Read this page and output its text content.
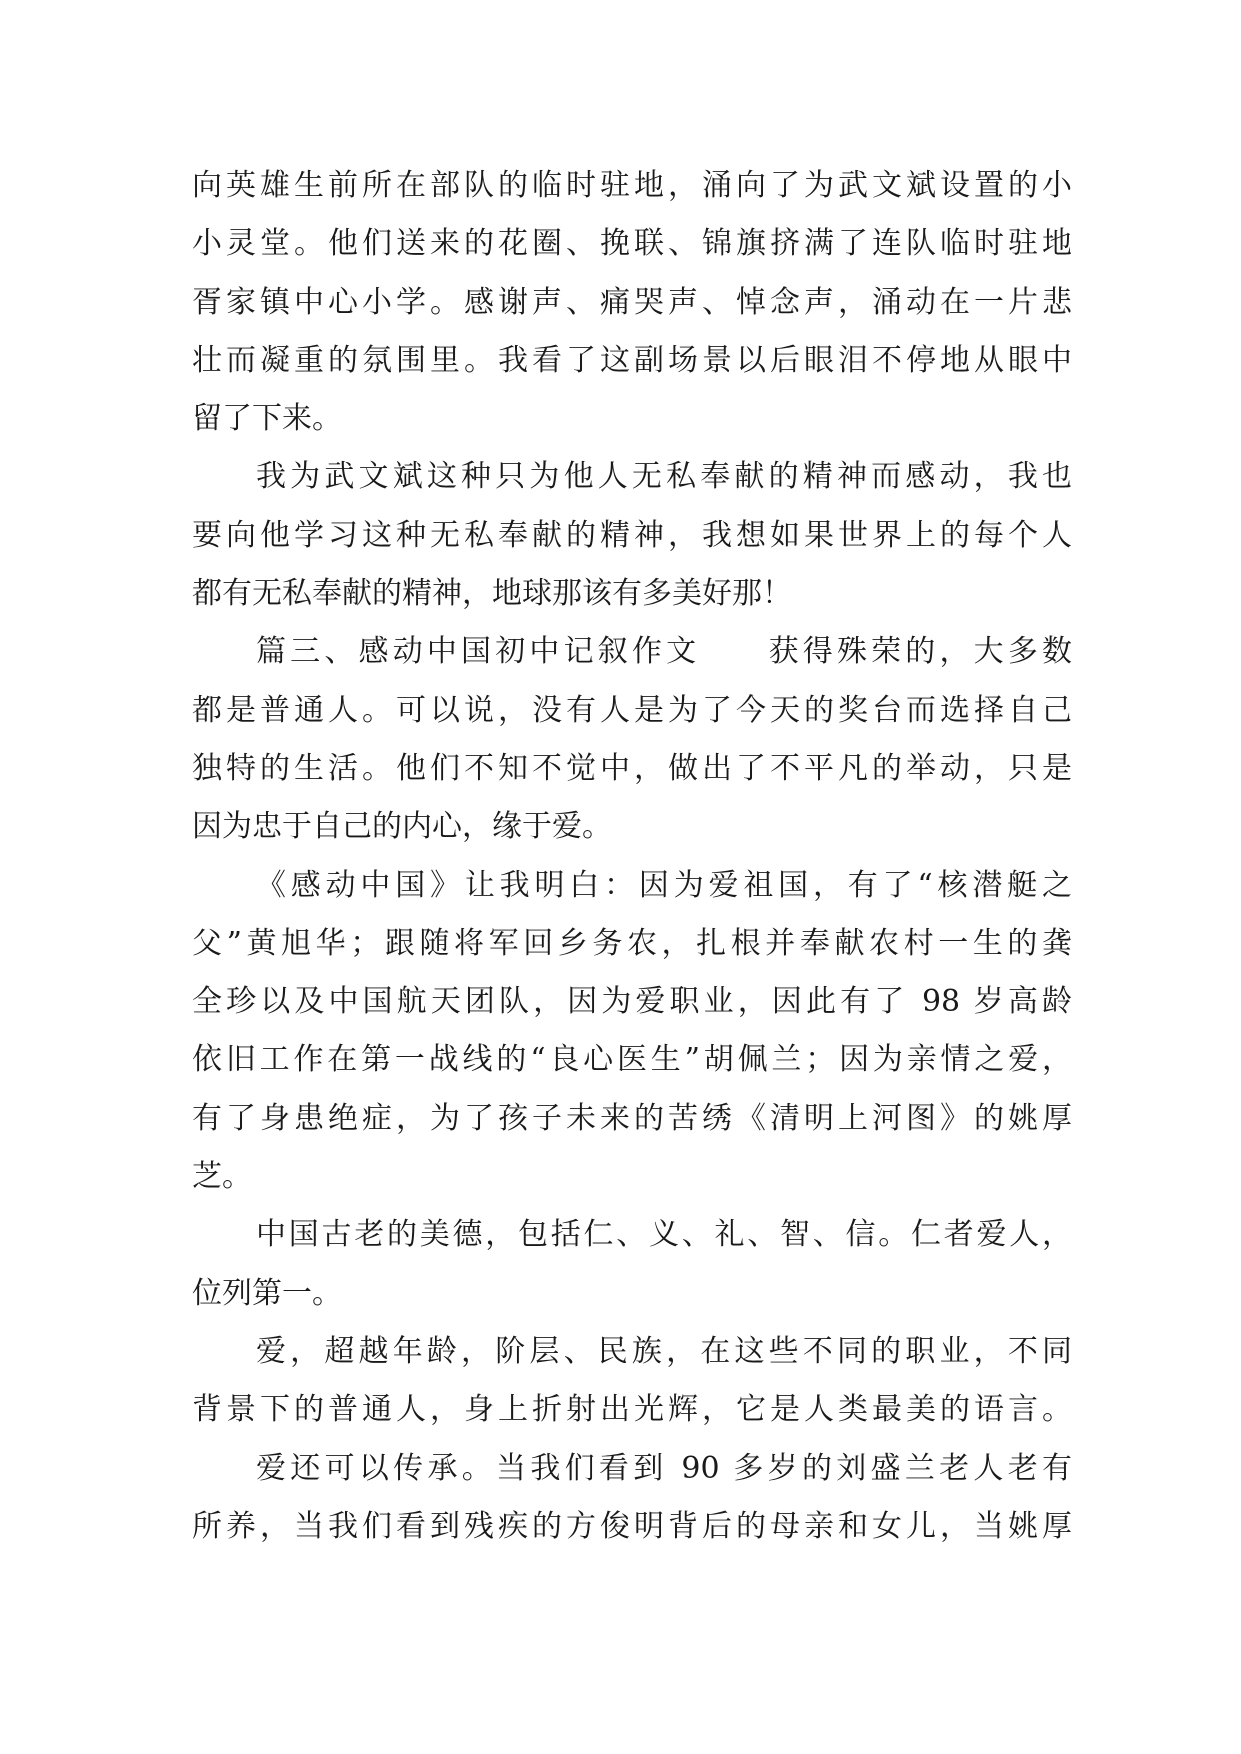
向英雄生前所在部队的临时驻地，涌向了为武文斌设置的小
小灵堂。他们送来的花圈、挽联、锦旗挤满了连队临时驻地
胥家镇中心小学。感谢声、痛哭声、悼念声，涌动在一片悲
壮而凝重的氛围里。我看了这副场景以后眼泪不停地从眼中
留了下来。
我为武文斌这种只为他人无私奉献的精神而感动，我也
要向他学习这种无私奉献的精神，我想如果世界上的每个人
都有无私奉献的精神，地球那该有多美好那！
篇三、感动中国初中记叙作文　　获得殊荣的，大多数
都是普通人。可以说，没有人是为了今天的奖台而选择自己
独特的生活。他们不知不觉中，做出了不平凡的举动，只是
因为忠于自己的内心，缘于爱。
《感动中国》让我明白：因为爱祖国，有了“核潜艇之
父”黄旭华；跟随将军回乡务农，扎根并奉献农村一生的龚
全珍以及中国航天团队，因为爱职业，因此有了 98 岁高龄
依旧工作在第一战线的“良心医生”胡佩兰；因为亲情之爱，
有了身患绝症，为了孩子未来的苦绣《清明上河图》的姚厚
芝。
中国古老的美德，包括仁、义、礼、智、信。仁者爱人，
位列第一。
爱，超越年龄，阶层、民族，在这些不同的职业，不同
背景下的普通人，身上折射出光辉，它是人类最美的语言。
爱还可以传承。当我们看到 90 多岁的刘盛兰老人老有
所养，当我们看到残疾的方俊明背后的母亲和女儿，当姚厚
